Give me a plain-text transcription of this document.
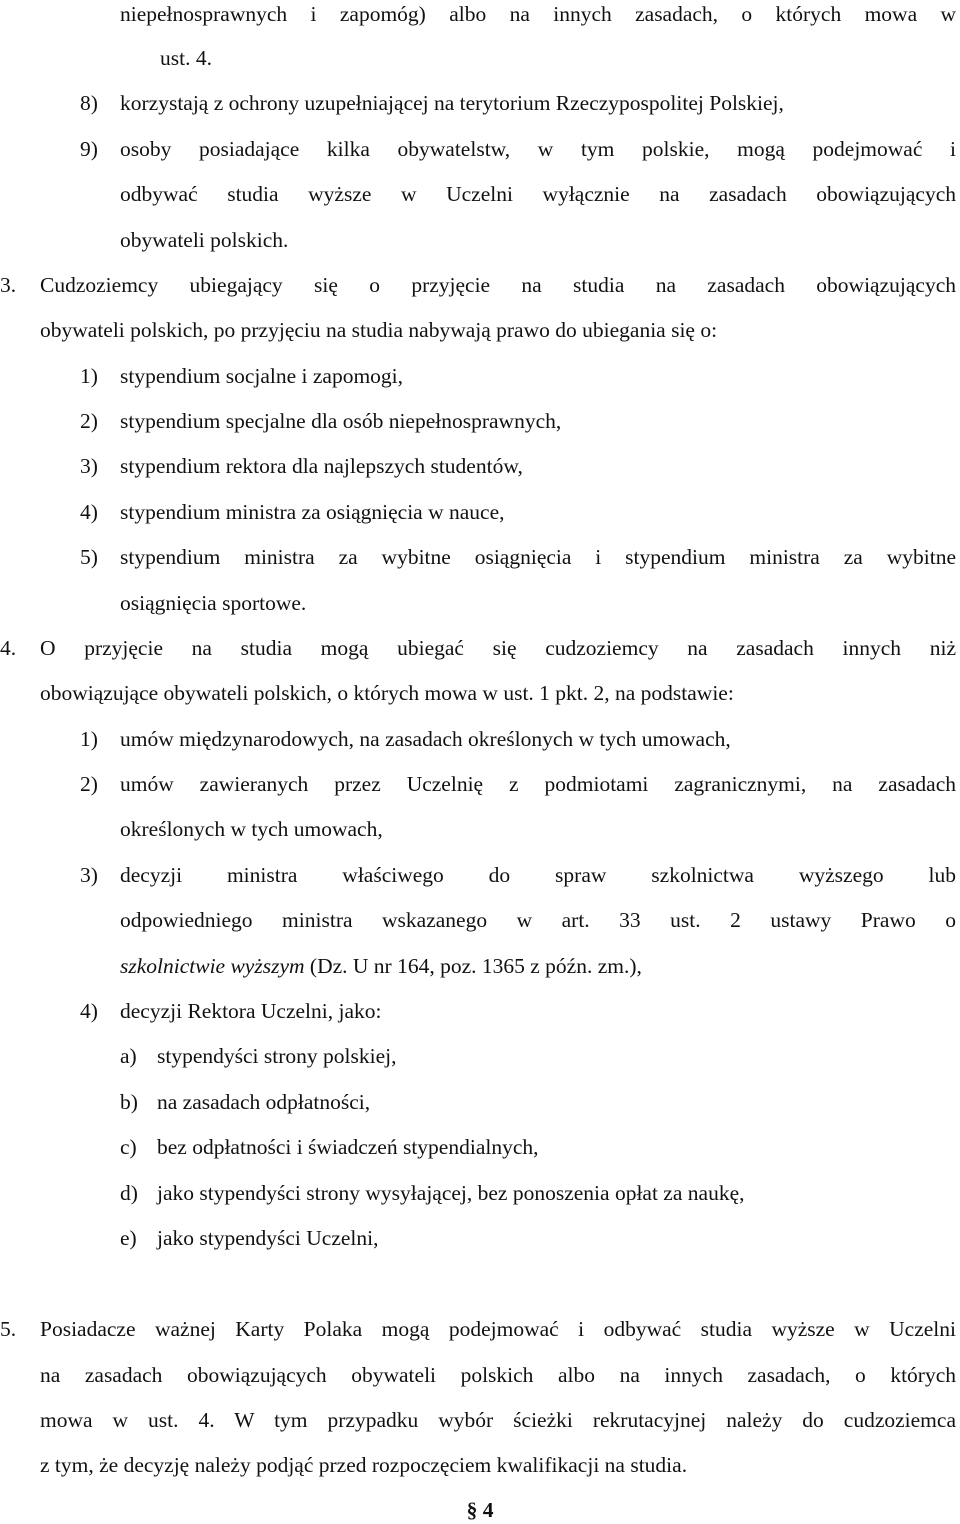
niepełnosprawnych i zapomóg) albo na innych zasadach, o których mowa w
ust. 4.
8) korzystają z ochrony uzupełniającej na terytorium Rzeczypospolitej Polskiej,
9) osoby posiadające kilka obywatelstw, w tym polskie, mogą podejmować i
odbywać studia wyższe w Uczelni wyłącznie na zasadach obowiązujących
obywateli polskich.
3. Cudzoziemcy ubiegający się o przyjęcie na studia na zasadach obowiązujących
obywateli polskich, po przyjęciu na studia nabywają prawo do ubiegania się o:
1) stypendium socjalne i zapomogi,
2) stypendium specjalne dla osób niepełnosprawnych,
3) stypendium rektora dla najlepszych studentów,
4) stypendium ministra za osiągnięcia w nauce,
5) stypendium ministra za wybitne osiągnięcia i stypendium ministra za wybitne
osiągnięcia sportowe.
4. O przyjęcie na studia mogą ubiegać się cudzoziemcy na zasadach innych niż
obowiązujące obywateli polskich, o których mowa w ust. 1 pkt. 2, na podstawie:
1) umów międzynarodowych, na zasadach określonych w tych umowach,
2) umów zawieranych przez Uczelnię z podmiotami zagranicznymi, na zasadach
określonych w tych umowach,
3) decyzji ministra właściwego do spraw szkolnictwa wyższego lub
odpowiedniego ministra wskazanego w art. 33 ust. 2 ustawy Prawo o
szkolnictwie wyższym (Dz. U nr 164, poz. 1365 z późn. zm.),
4) decyzji Rektora Uczelni, jako:
a) stypendyści strony polskiej,
b) na zasadach odpłatności,
c) bez odpłatności i świadczeń stypendialnych,
d) jako stypendyści strony wysyłającej, bez ponoszenia opłat za naukę,
e) jako stypendyści Uczelni,
5. Posiadacze ważnej Karty Polaka mogą podejmować i odbywać studia wyższe w Uczelni
na zasadach obowiązujących obywateli polskich albo na innych zasadach, o których
mowa w ust. 4. W tym przypadku wybór ścieżki rekrutacyjnej należy do cudzoziemca
z tym, że decyzję należy podjąć przed rozpoczęciem kwalifikacji na studia.
§ 4
